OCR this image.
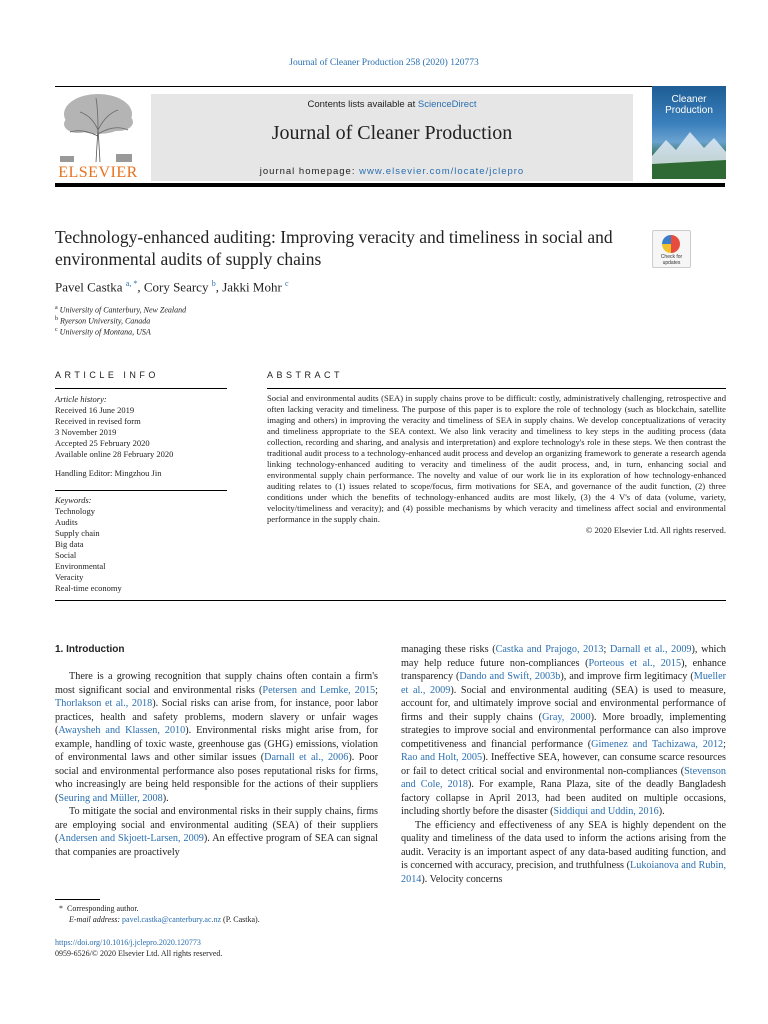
Journal of Cleaner Production 258 (2020) 120773
ELSEVIER
Contents lists available at ScienceDirect
Journal of Cleaner Production
journal homepage: www.elsevier.com/locate/jclepro
Cleaner
Production
Technology-enhanced auditing: Improving veracity and timeliness in social and environmental audits of supply chains	Check for
updates
Pavel Castka $^{a, *}$, Cory Searcy $^b$, Jakki Mohr $^c$
$^a$ University of Canterbury, New Zealand
$^b$ Ryerson University, Canada
$^c$ University of Montana, USA
ARTICLE INFO
Article history:
Received 16 June 2019
Received in revised form
3 November 2019
Accepted 25 February 2020
Available online 28 February 2020
Handling Editor: Mingzhou Jin
Keywords:
Technology
Audits
Supply chain
Big data
Social
Environmental
Veracity
Real-time economy
ABSTRACT
Social and environmental audits (SEA) in supply chains prove to be difficult: costly, administratively challenging, retrospective and often lacking veracity and timeliness. The purpose of this paper is to explore the role of technology (such as blockchain, satellite imaging and others) in improving the veracity and timeliness of SEA in supply chains. We develop conceptualizations of veracity and timeliness appropriate to the SEA context. We also link veracity and timeliness to key steps in the auditing process (data collection, recording and sharing, and analysis and interpretation) and explore technology's role in these steps. We then contrast the traditional audit process to a technology-enhanced audit process and develop an organizing framework to generate a research agenda linking technology-enhanced auditing to veracity and timeliness of the audit process, and, in turn, enhancing social and environmental supply chain performance. The novelty and value of our work lie in its exploration of how technology-enhanced auditing relates to (1) issues related to scope/focus, firm motivations for SEA, and governance of the audit function, (2) three conditions under which the benefits of technology-enhanced audits are most likely, (3) the 4 V's of data (volume, variety, velocity/timeliness and veracity); and (4) possible mechanisms by which veracity and timeliness affect social and environmental performance in the supply chain.
© 2020 Elsevier Ltd. All rights reserved.
1. Introduction

There is a growing recognition that supply chains often contain a firm's most significant social and environmental risks (Petersen and Lemke, 2015; Thorlakson et al., 2018). Social risks can arise from, for instance, poor labor practices, health and safety problems, modern slavery or unfair wages (Awaysheh and Klassen, 2010). Environmental risks might arise from, for example, handling of toxic waste, greenhouse gas (GHG) emissions, violation of environmental laws and other similar issues (Darnall et al., 2006). Poor social and environmental performance also poses reputational risks for firms, who increasingly are being held responsible for the actions of their suppliers (Seuring and Müller, 2008).

To mitigate the social and environmental risks in their supply chains, firms are employing social and environmental auditing (SEA) of their suppliers (Andersen and Skjoett-Larsen, 2009). An effective program of SEA can signal that companies are proactively

managing these risks (Castka and Prajogo, 2013; Darnall et al., 2009), which may help reduce future non-compliances (Porteous et al., 2015), enhance transparency (Dando and Swift, 2003b), and improve firm legitimacy (Mueller et al., 2009). Social and environmental auditing (SEA) is used to measure, account for, and ultimately improve social and environmental performance of firms and their supply chains (Gray, 2000). More broadly, implementing strategies to improve social and environmental performance can also improve competitiveness and financial performance (Gimenez and Tachizawa, 2012; Rao and Holt, 2005). Ineffective SEA, however, can consume scarce resources or fail to detect critical social and environmental non-compliances (Stevenson and Cole, 2018). For example, Rana Plaza, site of the deadly Bangladesh factory collapse in April 2013, had been audited on multiple occasions, including shortly before the disaster (Siddiqui and Uddin, 2016).

The efficiency and effectiveness of any SEA is highly dependent on the quality and timeliness of the data used to inform the actions arising from the audit. Veracity is an important aspect of any data-based auditing function, and is concerned with accuracy, precision, and truthfulness (Lukoianova and Rubin, 2014). Velocity concerns

*  Corresponding author.
E-mail address: pavel.castka@canterbury.ac.nz (P. Castka).
https://doi.org/10.1016/j.jclepro.2020.120773
0959-6526/© 2020 Elsevier Ltd. All rights reserved.
